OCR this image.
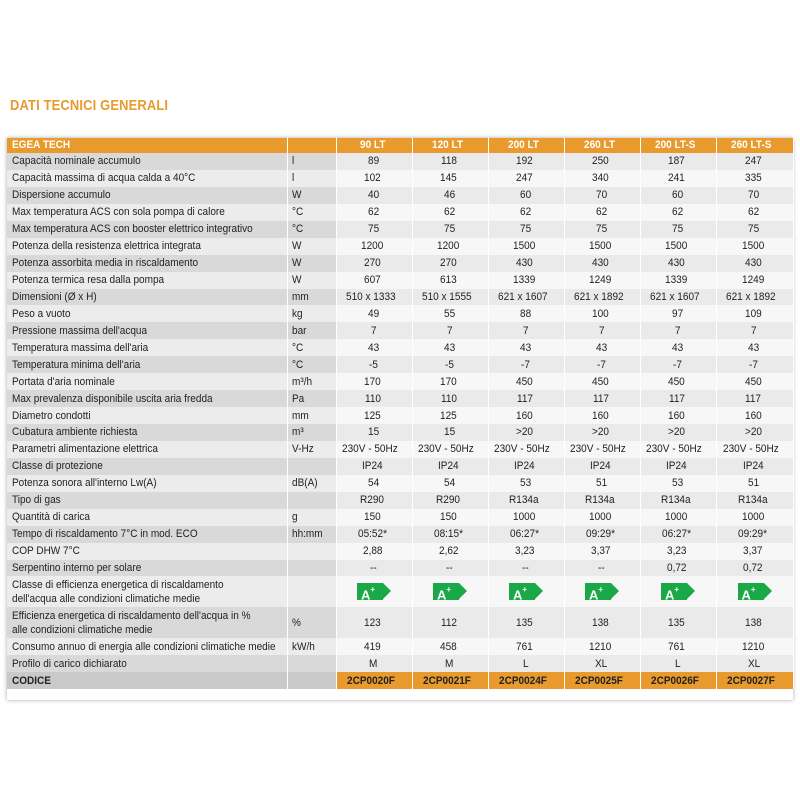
DATI TECNICI GENERALI
EGEA TECH		90 LT	120 LT	200 LT	260 LT	200 LT-S	260 LT-S
Capacità nominale accumulo	l	89	118	192	250	187	247
Capacità massima di acqua calda a 40°C	l	102	145	247	340	241	335
Dispersione accumulo	W	40	46	60	70	60	70
Max temperatura ACS con sola pompa di calore	°C	62	62	62	62	62	62
Max temperatura ACS con booster elettrico integrativo	°C	75	75	75	75	75	75
Potenza della resistenza elettrica integrata	W	1200	1200	1500	1500	1500	1500
Potenza assorbita media in riscaldamento	W	270	270	430	430	430	430
Potenza termica resa dalla pompa	W	607	613	1339	1249	1339	1249
Dimensioni (Ø x H)	mm	510 x 1333	510 x 1555	621 x 1607	621 x 1892	621 x 1607	621 x 1892
Peso a vuoto	kg	49	55	88	100	97	109
Pressione massima dell'acqua	bar	7	7	7	7	7	7
Temperatura massima dell'aria	°C	43	43	43	43	43	43
Temperatura minima dell'aria	°C	-5	-5	-7	-7	-7	-7
Portata d'aria nominale	m³/h	170	170	450	450	450	450
Max prevalenza disponibile uscita aria fredda	Pa	110	110	117	117	117	117
Diametro condotti	mm	125	125	160	160	160	160
Cubatura ambiente richiesta	m³	15	15	>20	>20	>20	>20
Parametri alimentazione elettrica	V-Hz	230V - 50Hz	230V - 50Hz	230V - 50Hz	230V - 50Hz	230V - 50Hz	230V - 50Hz
Classe di protezione		IP24	IP24	IP24	IP24	IP24	IP24
Potenza sonora all'interno Lw(A)	dB(A)	54	54	53	51	53	51
Tipo di gas		R290	R290	R134a	R134a	R134a	R134a
Quantità di carica	g	150	150	1000	1000	1000	1000
Tempo di riscaldamento 7°C in mod. ECO	hh:mm	05:52*	08:15*	06:27*	09:29*	06:27*	09:29*
COP DHW 7°C		2,88	2,62	3,23	3,37	3,23	3,37
Serpentino interno per solare		--	--	--	--	0,72	0,72
Classe di efficienza energetica di riscaldamento dell'acqua alle condizioni climatiche medie		A+	A+	A+	A+	A+	A+

Efficienza energetica di riscaldamento dell'acqua in % alle condizioni climatiche medie	%	123	112	135	138	135	138
Consumo annuo di energia alle condizioni climatiche medie	kW/h	419	458	761	1210	761	1210
Profilo di carico dichiarato		M	M	L	XL	L	XL
CODICE		2CP0020F	2CP0021F	2CP0024F	2CP0025F	2CP0026F	2CP0027F
